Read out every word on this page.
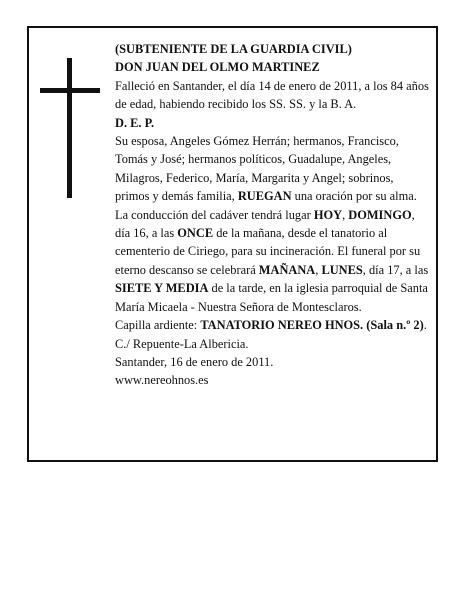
(SUBTENIENTE DE LA GUARDIA CIVIL)

DON JUAN DEL OLMO MARTINEZ

Falleció en Santander, el día 14 de enero de 2011, a los 84 años de edad, habiendo recibido los SS. SS. y la B. A.

D. E. P.

Su esposa, Angeles Gómez Herrán; hermanos, Francisco, Tomás y José; hermanos políticos, Guadalupe, Angeles, Milagros, Federico, María, Margarita y Angel; sobrinos, primos y demás familia, RUEGAN una oración por su alma. La conducción del cadáver tendrá lugar HOY, DOMINGO, día 16, a las ONCE de la mañana, desde el tanatorio al cementerio de Ciriego, para su incineración. El funeral por su eterno descanso se celebrará MAÑANA, LUNES, día 17, a las SIETE Y MEDIA de la tarde, en la iglesia parroquial de Santa María Micaela - Nuestra Señora de Montesclaros.

Capilla ardiente: TANATORIO NEREO HNOS. (Sala n.º 2). C./ Repuente-La Albericia.

Santander, 16 de enero de 2011.

www.nereohnos.es
